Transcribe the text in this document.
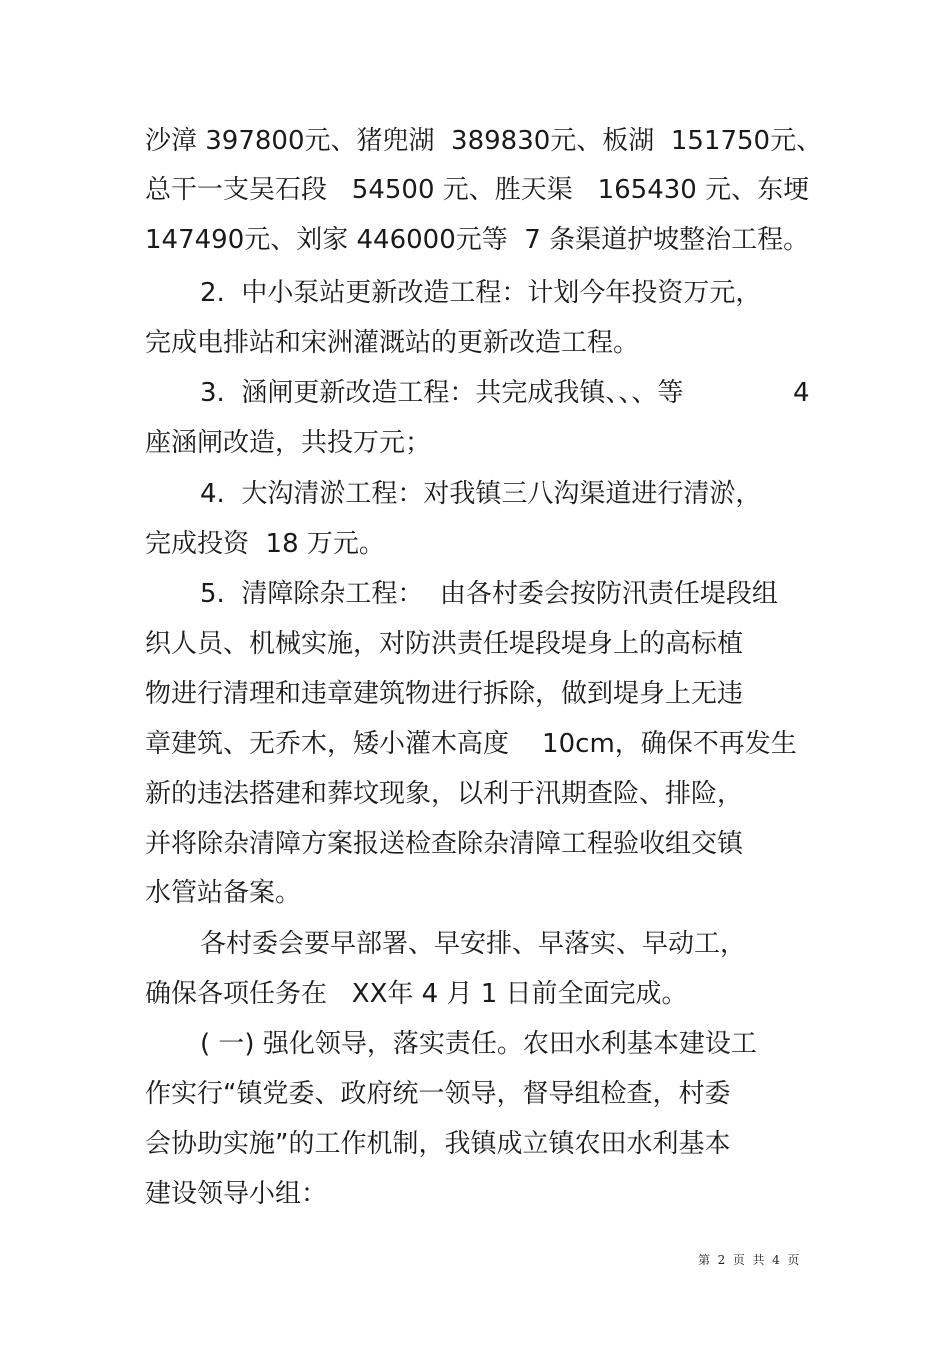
沙漳 397800元、猪兜湖  389830元、板湖  151750元、
总干一支吴石段   54500 元、胜天渠   165430 元、东埂
147490元、刘家 446000元等  7 条渠道护坡整治工程。
2.  中小泵站更新改造工程：计划今年投资万元，
完成电排站和宋洲灌溉站的更新改造工程。
3.  涵闸更新改造工程：共完成我镇、、、等	4
座涵闸改造，共投万元；
4.  大沟清淤工程：对我镇三八沟渠道进行清淤，
完成投资  18 万元。
5.  清障除杂工程：  由各村委会按防汛责任堤段组
织人员、机械实施，对防洪责任堤段堤身上的高标植
物进行清理和违章建筑物进行拆除，做到堤身上无违
章建筑、无乔木，矮小灌木高度    10cm，确保不再发生
新的违法搭建和葬坟现象，以利于汛期查险、排险，
并将除杂清障方案报送检查除杂清障工程验收组交镇
水管站备案。
各村委会要早部署、早安排、早落实、早动工，
确保各项任务在   XX年 4 月 1 日前全面完成。
( 一) 强化领导，落实责任。农田水利基本建设工
作实行“镇党委、政府统一领导，督导组检查，村委
会协助实施”的工作机制，我镇成立镇农田水利基本
建设领导小组：
第  2  页  共  4  页
